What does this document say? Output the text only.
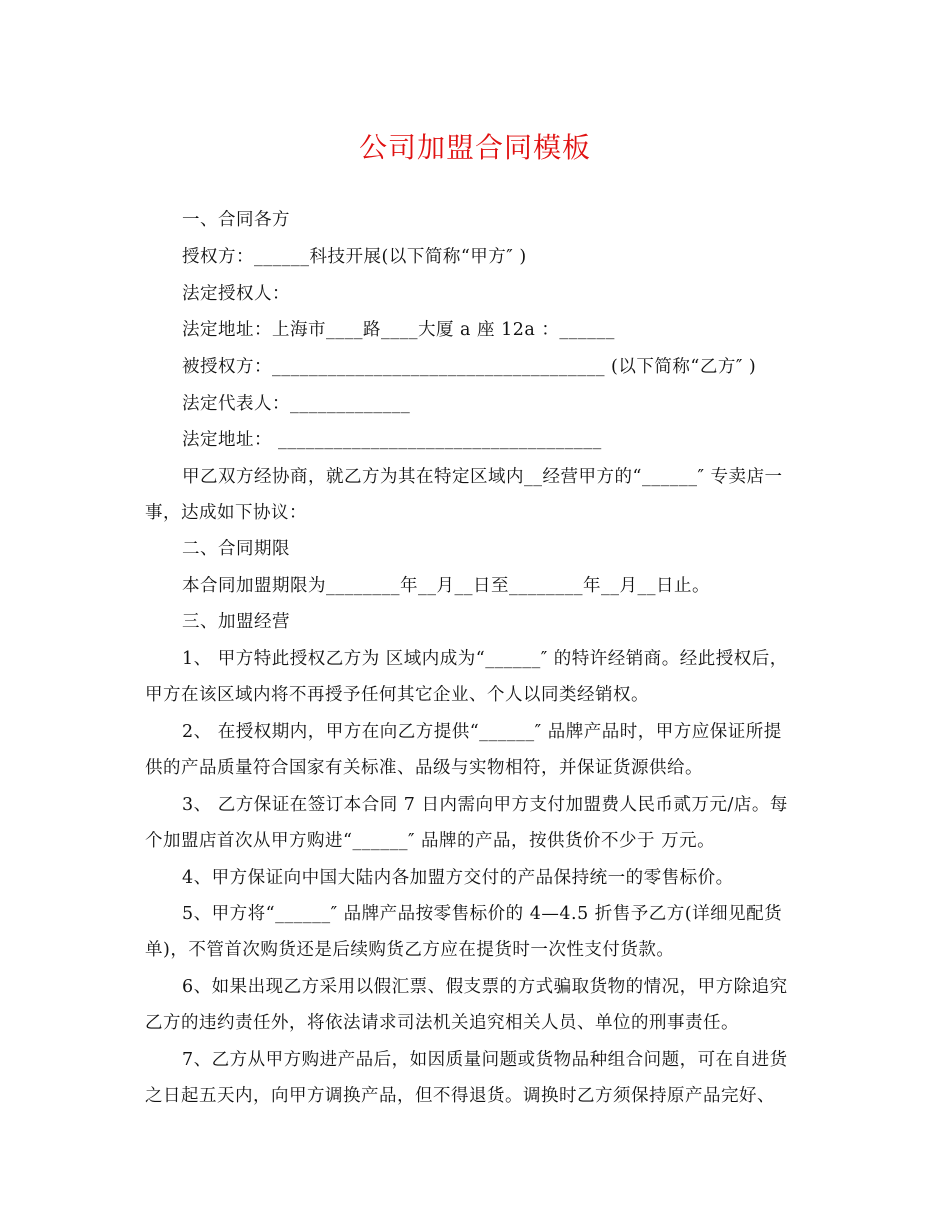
公司加盟合同模板
一、合同各方
授权方：______科技开展(以下简称“甲方″ )
法定授权人：
法定地址：上海市____路____大厦 a 座 12a ：______
被授权方：____________________________________ (以下简称“乙方″ )
法定代表人：_____________
法定地址： ___________________________________
甲乙双方经协商，就乙方为其在特定区域内__经营甲方的“______″ 专卖店一
事，达成如下协议：
二、合同期限
本合同加盟期限为________年__月__日至________年__月__日止。
三、加盟经营
1、 甲方特此授权乙方为 区域内成为“______″ 的特许经销商。经此授权后，
甲方在该区域内将不再授予任何其它企业、个人以同类经销权。
2、 在授权期内，甲方在向乙方提供“______″ 品牌产品时，甲方应保证所提
供的产品质量符合国家有关标准、品级与实物相符，并保证货源供给。
3、 乙方保证在签订本合同 7 日内需向甲方支付加盟费人民币贰万元/店。每
个加盟店首次从甲方购进“______″ 品牌的产品，按供货价不少于 万元。
4、甲方保证向中国大陆内各加盟方交付的产品保持统一的零售标价。
5、甲方将“______″ 品牌产品按零售标价的 4—4.5 折售予乙方(详细见配货
单)，不管首次购货还是后续购货乙方应在提货时一次性支付货款。
6、如果出现乙方采用以假汇票、假支票的方式骗取货物的情况，甲方除追究
乙方的违约责任外，将依法请求司法机关追究相关人员、单位的刑事责任。
7、乙方从甲方购进产品后，如因质量问题或货物品种组合问题，可在自进货
之日起五天内，向甲方调换产品，但不得退货。调换时乙方须保持原产品完好、
